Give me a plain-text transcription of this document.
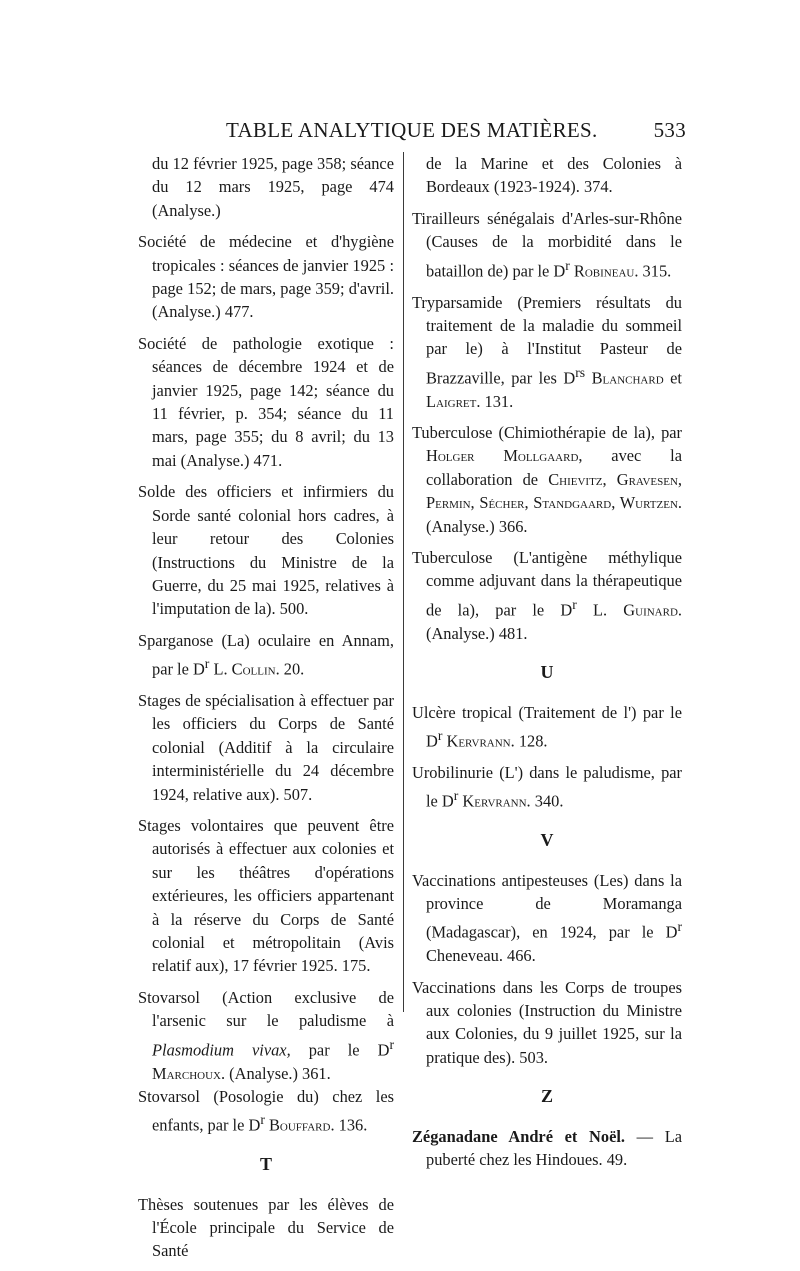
TABLE ANALYTIQUE DES MATIÈRES.	533

du 12 février 1925, page 358; séance du 12 mars 1925, page 474 (Analyse.)

Société de médecine et d'hygiène tropicales : séances de janvier 1925 : page 152; de mars, page 359; d'avril. (Analyse.) 477.

Société de pathologie exotique : séances de décembre 1924 et de janvier 1925, page 142; séance du 11 février, p. 354; séance du 11 mars, page 355; du 8 avril; du 13 mai (Analyse.) 471.

Solde des officiers et infirmiers du Sorde santé colonial hors cadres, à leur retour des Colonies (Instructions du Ministre de la Guerre, du 25 mai 1925, relatives à l'imputation de la). 500.

Sparganose (La) oculaire en Annam, par le $D^r$ L. Collin. 20.

Stages de spécialisation à effectuer par les officiers du Corps de Santé colonial (Additif à la circulaire interministérielle du 24 décembre 1924, relative aux). 507.

Stages volontaires que peuvent être autorisés à effectuer aux colonies et sur les théâtres d'opérations extérieures, les officiers appartenant à la réserve du Corps de Santé colonial et métropolitain (Avis relatif aux), 17 février 1925. 175.

Stovarsol (Action exclusive de l'arsenic sur le paludisme à Plasmodium vivax, par le $D^r$ Marchoux. (Analyse.) 361.

Stovarsol (Posologie du) chez les enfants, par le $D^r$ Bouffard. 136.

T

Thèses soutenues par les élèves de l'École principale du Service de Santé

de la Marine et des Colonies à Bordeaux (1923-1924). 374.

Tirailleurs sénégalais d'Arles-sur-Rhône (Causes de la morbidité dans le bataillon de) par le $D^r$ Robineau. 315.

Tryparsamide (Premiers résultats du traitement de la maladie du sommeil par le) à l'Institut Pasteur de Brazzaville, par les $D^{rs}$ Blanchard et Laigret. 131.

Tuberculose (Chimiothérapie de la), par Holger Mollgaard, avec la collaboration de Chievitz, Gravesen, Permin, Sécher, Standgaard, Wurtzen. (Analyse.) 366.

Tuberculose (L'antigène méthylique comme adjuvant dans la thérapeutique de la), par le $D^r$ L. Guinard. (Analyse.) 481.

U

Ulcère tropical (Traitement de l') par le $D^r$ Kervrann. 128.

Urobilinurie (L') dans le paludisme, par le $D^r$ Kervrann. 340.

V

Vaccinations antipesteuses (Les) dans la province de Moramanga (Madagascar), en 1924, par le $D^r$ Cheneveau. 466.

Vaccinations dans les Corps de troupes aux colonies (Instruction du Ministre aux Colonies, du 9 juillet 1925, sur la pratique des). 503.

Z

Zéganadane André et Noël. — La puberté chez les Hindoues. 49.
